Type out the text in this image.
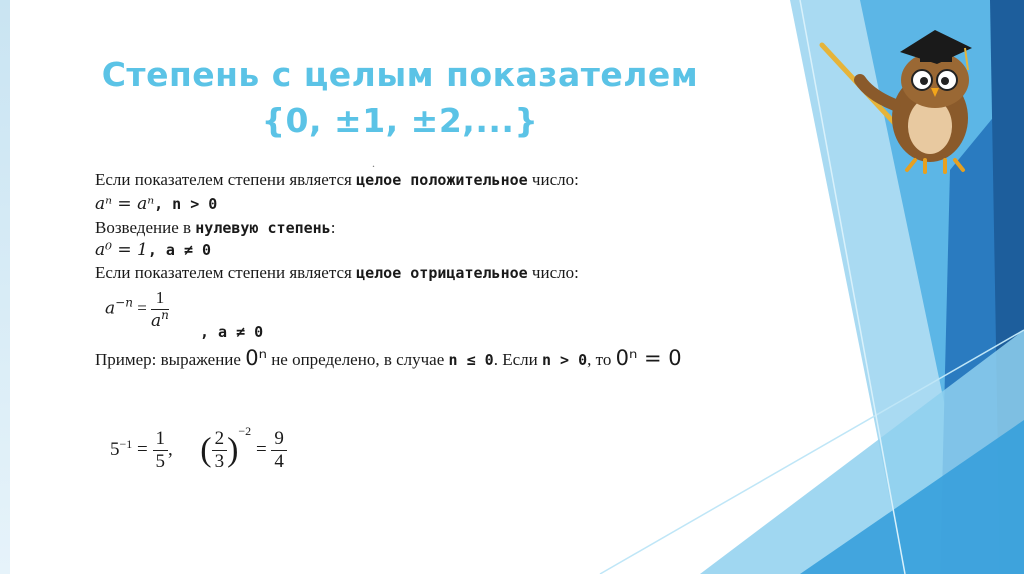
Степень с целым показателем
{0, ±1, ±2,...}
.
Если показателем степени является целое положительное число:
aⁿ = aⁿ, n > 0
Возведение в нулевую степень:
a⁰ = 1, a ≠ 0
Если показателем степени является целое отрицательное число:
$a^{-n} = \frac{1}{a^n}$ , a ≠ 0
Пример: выражение 0ⁿ не определено, в случае n ≤ 0. Если n > 0, то 0ⁿ = 0
$5^{-1} = \frac{1}{5}$ , ( $\frac{2}{3} )^{-2} = \frac{9}{4}$
